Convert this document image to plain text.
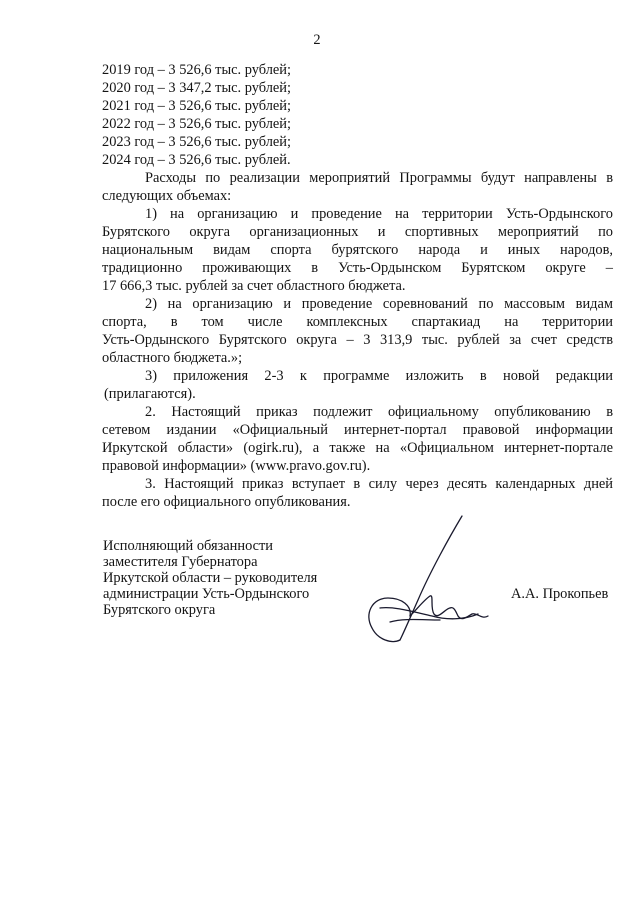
2
2019 год – 3 526,6 тыс. рублей;
2020 год – 3 347,2 тыс. рублей;
2021 год – 3 526,6 тыс. рублей;
2022 год – 3 526,6 тыс. рублей;
2023 год – 3 526,6 тыс. рублей;
2024 год – 3 526,6 тыс. рублей.
Расходы по реализации мероприятий Программы будут направлены в
следующих объемах:
1) на организацию и проведение на территории Усть-Ордынского
Бурятского округа организационных и спортивных мероприятий по
национальным видам спорта бурятского народа и иных народов,
традиционно проживающих в Усть-Ордынском Бурятском округе –
17 666,3 тыс. рублей за счет областного бюджета.
2) на организацию и проведение соревнований по массовым видам
спорта, в том числе комплексных спартакиад на территории
Усть-Ордынского Бурятского округа – 3 313,9 тыс. рублей за счет средств
областного бюджета.»;
3) приложения 2-3 к программе изложить в новой редакции
(прилагаются).
2. Настоящий приказ подлежит официальному опубликованию в
сетевом издании «Официальный интернет-портал правовой информации
Иркутской области» (ogirk.ru), а также на «Официальном интернет-портале
правовой информации» (www.pravo.gov.ru).
3. Настоящий приказ вступает в силу через десять календарных дней
после его официального опубликования.
Исполняющий обязанности
заместителя Губернатора
Иркутской области – руководителя
администрации Усть-Ордынского
Бурятского округа
А.А. Прокопьев
